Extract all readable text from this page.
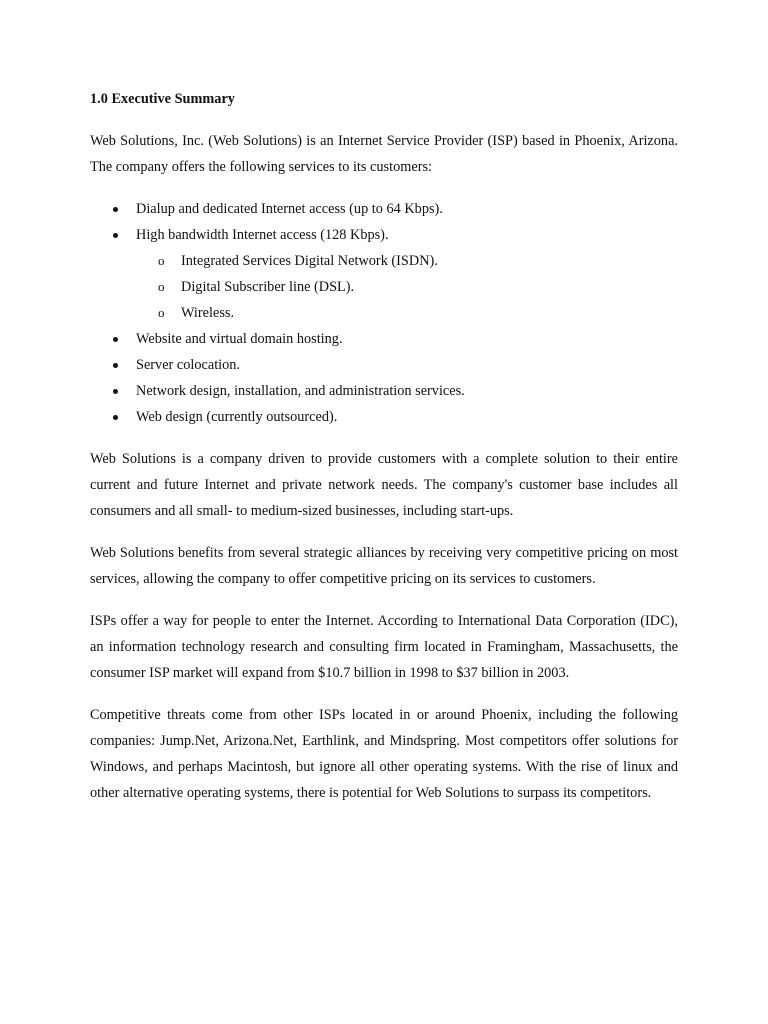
1.0 Executive Summary

Web Solutions, Inc. (Web Solutions) is an Internet Service Provider (ISP) based in Phoenix, Arizona. The company offers the following services to its customers:

Dialup and dedicated Internet access (up to 64 Kbps).
High bandwidth Internet access (128 Kbps).
o Integrated Services Digital Network (ISDN).
o Digital Subscriber line (DSL).
o Wireless.
Website and virtual domain hosting.
Server colocation.
Network design, installation, and administration services.
Web design (currently outsourced).

Web Solutions is a company driven to provide customers with a complete solution to their entire current and future Internet and private network needs. The company's customer base includes all consumers and all small- to medium-sized businesses, including start-ups.

Web Solutions benefits from several strategic alliances by receiving very competitive pricing on most services, allowing the company to offer competitive pricing on its services to customers.

ISPs offer a way for people to enter the Internet. According to International Data Corporation (IDC), an information technology research and consulting firm located in Framingham, Massachusetts, the consumer ISP market will expand from $10.7 billion in 1998 to $37 billion in 2003.

Competitive threats come from other ISPs located in or around Phoenix, including the following companies: Jump.Net, Arizona.Net, Earthlink, and Mindspring. Most competitors offer solutions for Windows, and perhaps Macintosh, but ignore all other operating systems. With the rise of linux and other alternative operating systems, there is potential for Web Solutions to surpass its competitors.
